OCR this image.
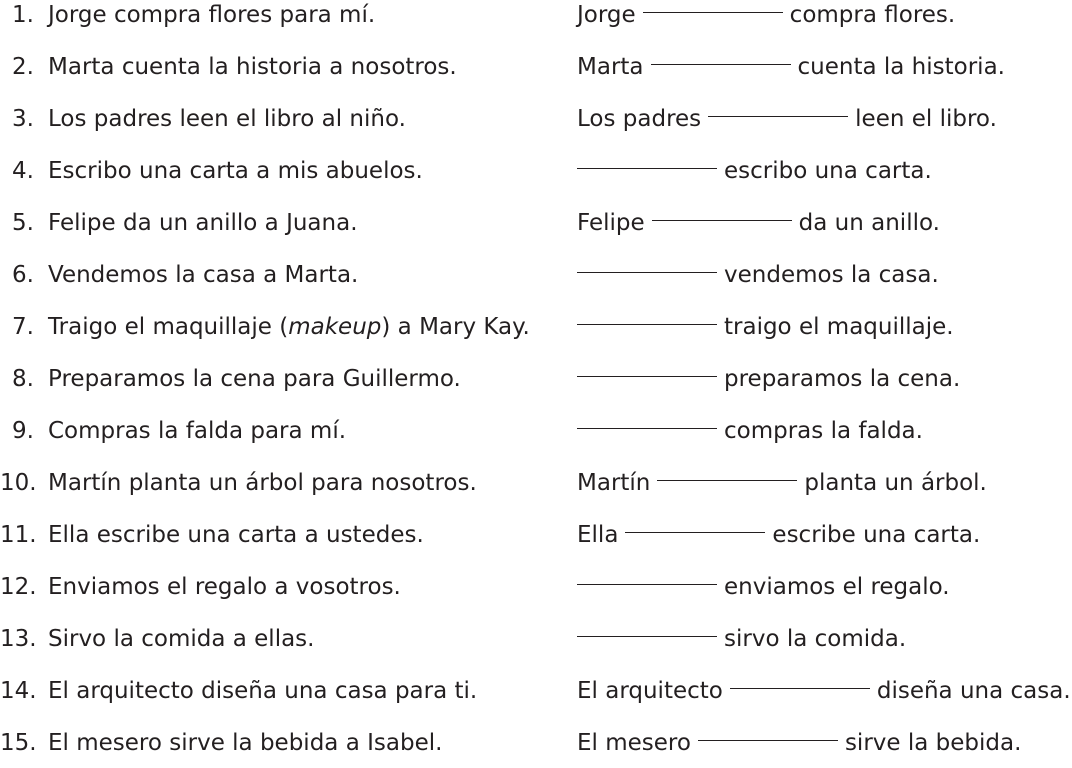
1. Jorge compra flores para mí.	Jorge	compra flores.
2. Marta cuenta la historia a nosotros.	Marta	cuenta la historia.
3. Los padres leen el libro al niño.	Los padres	leen el libro.
4. Escribo una carta a mis abuelos.	escribo una carta.
5. Felipe da un anillo a Juana.	Felipe	da un anillo.
6. Vendemos la casa a Marta.	vendemos la casa.
7. Traigo el maquillaje (makeup) a Mary Kay.	traigo el maquillaje.
8. Preparamos la cena para Guillermo.	preparamos la cena.
9. Compras la falda para mí.	compras la falda.
10. Martín planta un árbol para nosotros.	Martín	planta un árbol.
11. Ella escribe una carta a ustedes.	Ella	escribe una carta.
12. Enviamos el regalo a vosotros.	enviamos el regalo.
13. Sirvo la comida a ellas.	sirvo la comida.
14. El arquitecto diseña una casa para ti.	El arquitecto	diseña una casa.
15. El mesero sirve la bebida a Isabel.	El mesero	sirve la bebida.
